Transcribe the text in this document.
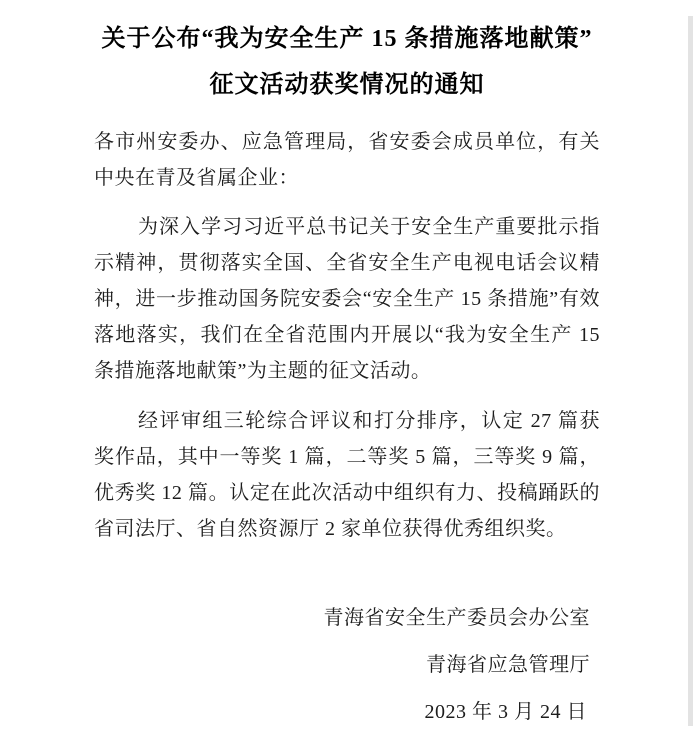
关于公布“我为安全生产 15 条措施落地献策”
征文活动获奖情况的通知

各市州安委办、应急管理局，省安委会成员单位，有关中央在青及省属企业：

为深入学习习近平总书记关于安全生产重要批示指示精神，贯彻落实全国、全省安全生产电视电话会议精神，进一步推动国务院安委会“安全生产 15 条措施”有效落地落实，我们在全省范围内开展以“我为安全生产 15 条措施落地献策”为主题的征文活动。

经评审组三轮综合评议和打分排序，认定 27 篇获奖作品，其中一等奖 1 篇，二等奖 5 篇，三等奖 9 篇，优秀奖 12 篇。认定在此次活动中组织有力、投稿踊跃的省司法厅、省自然资源厅 2 家单位获得优秀组织奖。

青海省安全生产委员会办公室
青海省应急管理厅
2023 年 3 月 24 日
